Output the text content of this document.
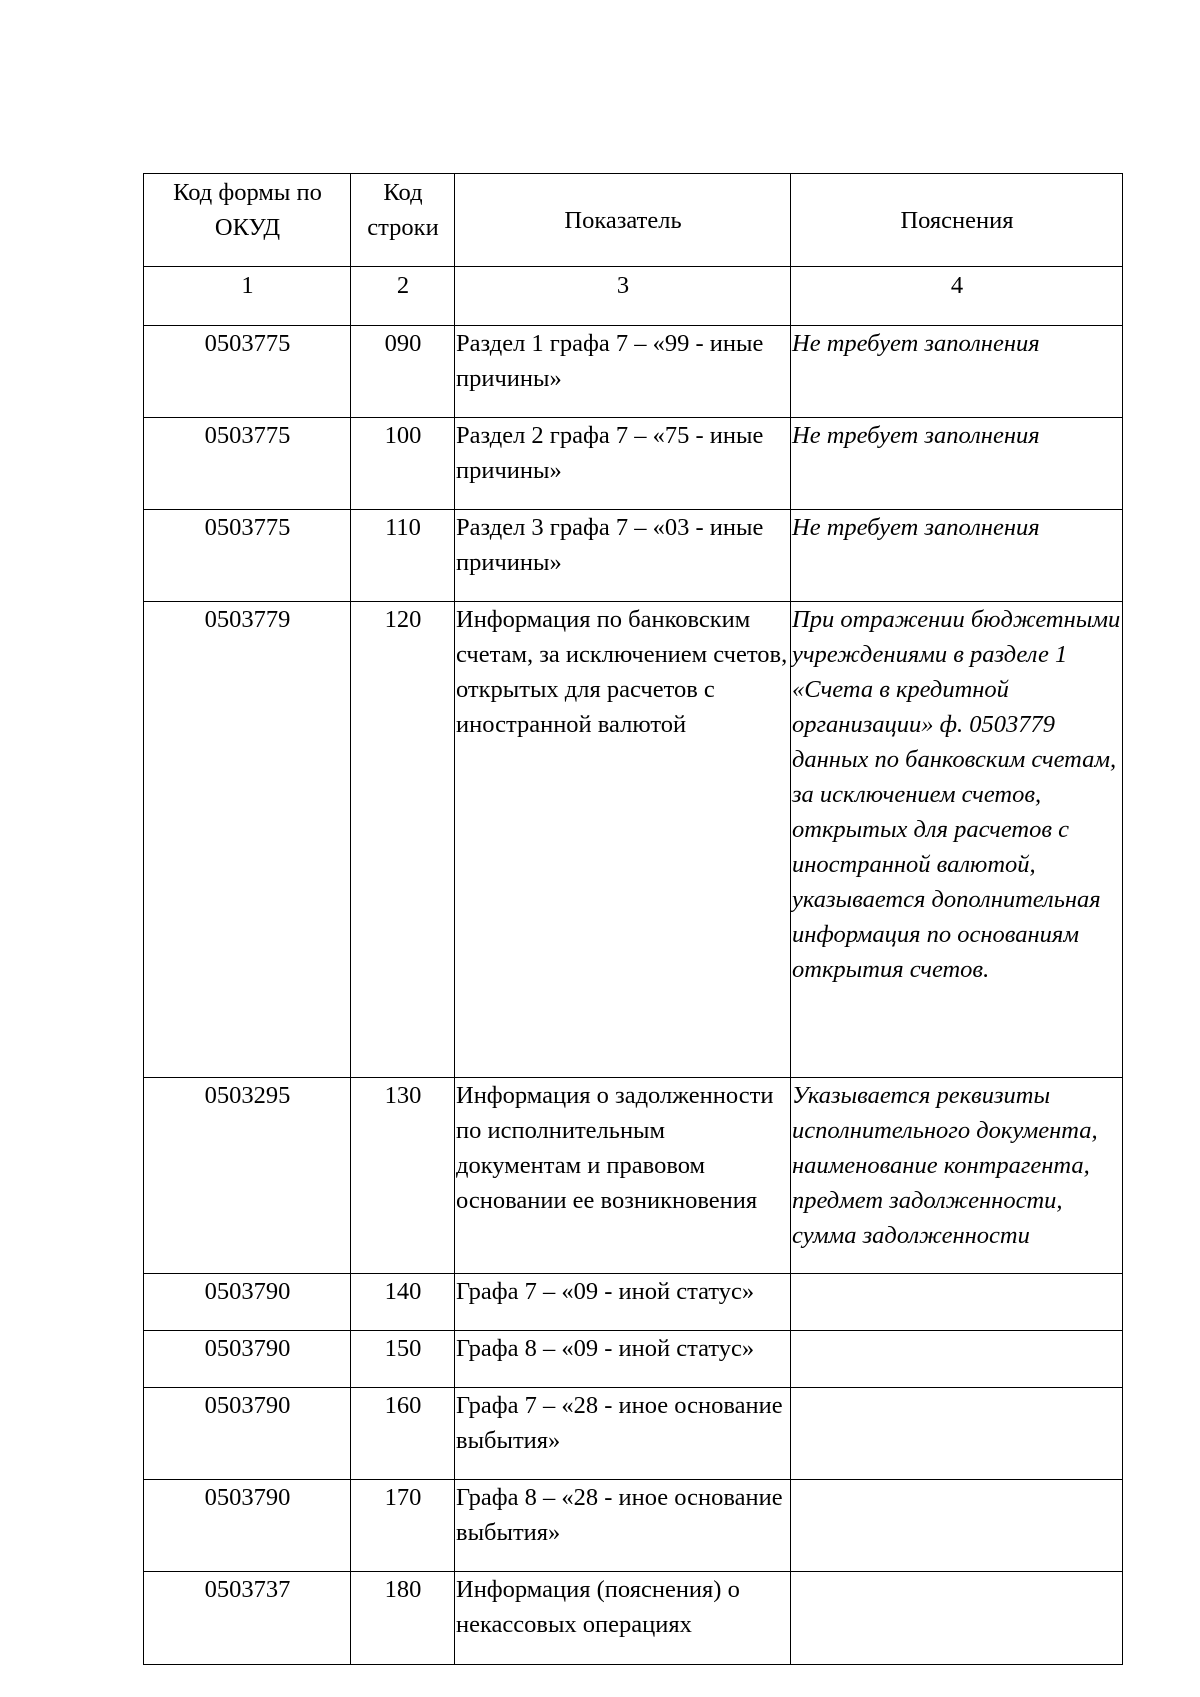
Код формы по ОКУД	Код строки	Показатель	Пояснения
1	2	3	4
0503775	090	Раздел 1 графа 7 – «99 - иные причины»	Не требует заполнения
0503775	100	Раздел 2 графа 7 – «75 - иные причины»	Не требует заполнения
0503775	110	Раздел 3 графа 7 – «03 - иные причины»	Не требует заполнения
0503779	120	Информация по банковским счетам, за исключением счетов, открытых для расчетов с иностранной валютой	При отражении бюджетными учреждениями в разделе 1 «Счета в кредитной организации» ф. 0503779 данных по банковским счетам, за исключением счетов, открытых для расчетов с иностранной валютой, указывается дополнительная информация по основаниям открытия счетов.
0503295	130	Информация о задолженности по исполнительным документам и правовом основании ее возникновения	Указывается реквизиты исполнительного документа, наименование контрагента, предмет задолженности, сумма задолженности
0503790	140	Графа 7 – «09 - иной статус»	
0503790	150	Графа 8 – «09 - иной статус»	
0503790	160	Графа 7 – «28 - иное основание выбытия»	
0503790	170	Графа 8 – «28 - иное основание выбытия»	
0503737	180	Информация (пояснения) о некассовых операциях	
